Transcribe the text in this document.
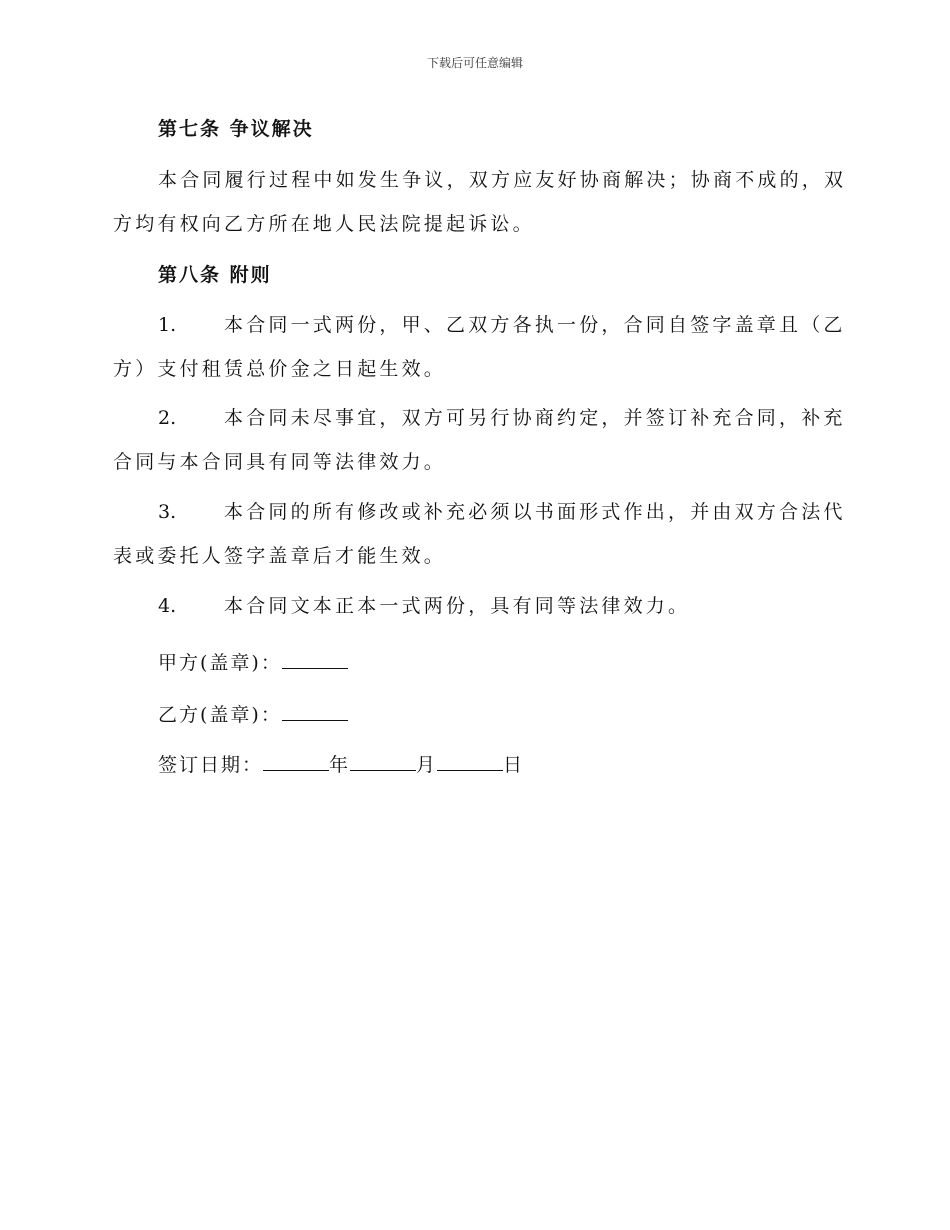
下载后可任意编辑
第七条 争议解决
本合同履行过程中如发生争议，双方应友好协商解决；协商不成的，双
方均有权向乙方所在地人民法院提起诉讼。
第八条 附则
1.	本合同一式两份，甲、乙双方各执一份，合同自签字盖章且（乙
方）支付租赁总价金之日起生效。
2.	本合同未尽事宜，双方可另行协商约定，并签订补充合同，补充
合同与本合同具有同等法律效力。
3.	本合同的所有修改或补充必须以书面形式作出，并由双方合法代
表或委托人签字盖章后才能生效。
4.	本合同文本正本一式两份，具有同等法律效力。
甲方(盖章)：
乙方(盖章)：
签订日期：	年	月	日
